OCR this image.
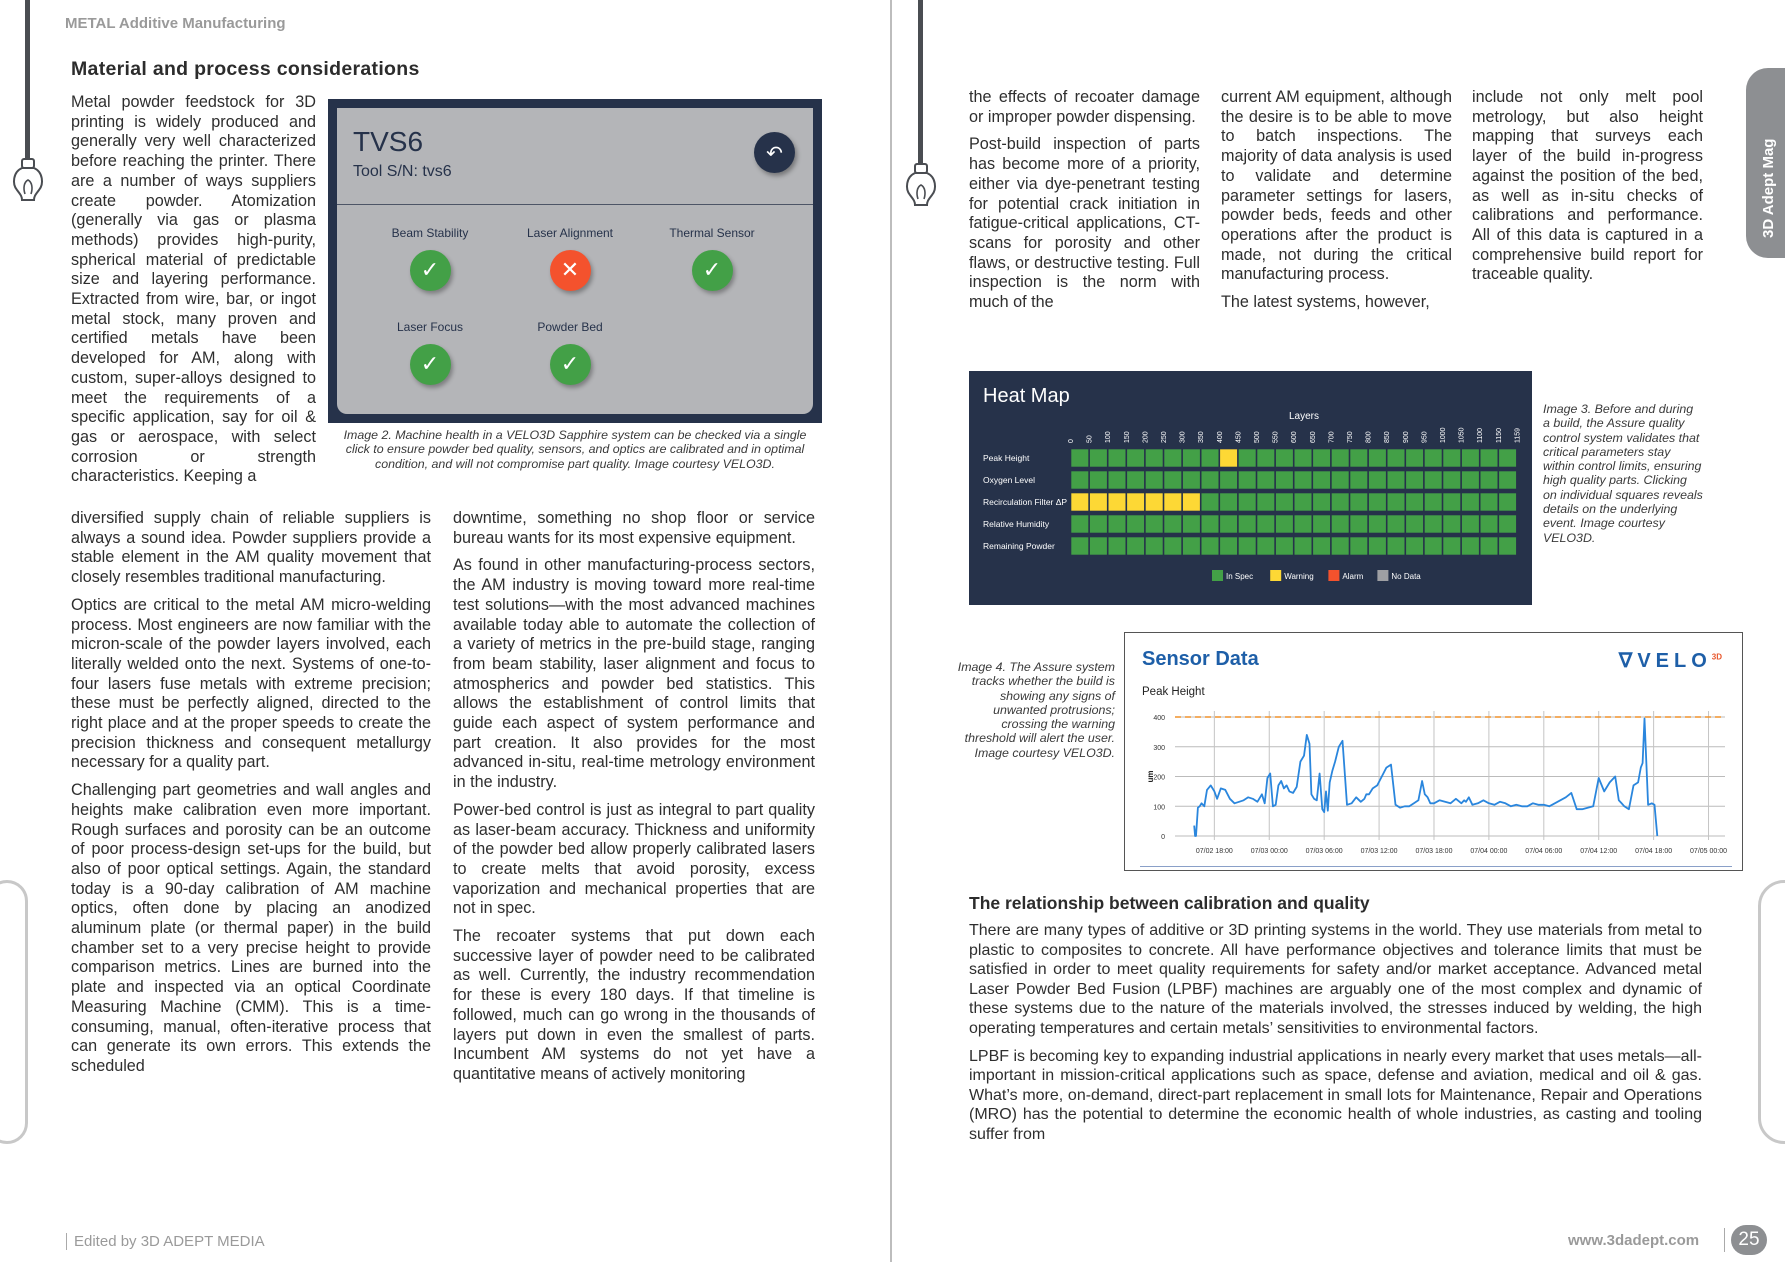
3D Adept Mag
METAL Additive Manufacturing
Material and process considerations

Metal powder feedstock for 3D printing is widely produced and generally very well characterized before reaching the printer. There are a number of ways suppliers create powder. Atomization (generally via gas or plasma methods) provides high-purity, spherical material of predictable size and layering performance. Extracted from wire, bar, or ingot metal stock, many proven and certified metals have been developed for AM, along with custom, super-alloys designed to meet the requirements of a specific application, say for oil & gas or aerospace, with select corrosion or strength characteristics. Keeping a

TVS6
Tool S/N: tvs6
↶
Beam Stability
✓
Laser Alignment
✕
Thermal Sensor
✓
Laser Focus
✓
Powder Bed
✓
Image 2. Machine health in a VELO3D Sapphire system can be checked via a single click to ensure powder bed quality, sensors, and optics are calibrated and in optimal condition, and will not compromise part quality. Image courtesy VELO3D.

diversified supply chain of reliable suppliers is always a sound idea. Powder suppliers provide a stable element in the AM quality movement that closely resembles traditional manufacturing.

Optics are critical to the metal AM micro-welding process. Most engineers are now familiar with the micron-scale of the powder layers involved, each literally welded onto the next. Systems of one-to-four lasers fuse metals with extreme precision; these must be perfectly aligned, directed to the right place and at the proper speeds to create the precision thickness and consequent metallurgy necessary for a quality part.

Challenging part geometries and wall angles and heights make calibration even more important. Rough surfaces and porosity can be an outcome of poor process-design set-ups for the build, but also of poor optical settings. Again, the standard today is a 90-day calibration of AM machine optics, often done by placing an anodized aluminum plate (or thermal paper) in the build chamber set to a very precise height to provide comparison metrics. Lines are burned into the plate and inspected via an optical Coordinate Measuring Machine (CMM). This is a time-consuming, manual, often-iterative process that can generate its own errors. This extends the scheduled

downtime, something no shop floor or service bureau wants for its most expensive equipment.

As found in other manufacturing-process sectors, the AM industry is moving toward more real-time test solutions—with the most advanced machines available today able to automate the collection of a variety of metrics in the pre-build stage, ranging from beam stability, laser alignment and focus to atmospherics and powder bed statistics. This allows the establishment of control limits that guide each aspect of system performance and part creation. It also provides for the most advanced in-situ, real-time metrology environment in the industry.

Power-bed control is just as integral to part quality as laser-beam accuracy. Thickness and uniformity of the powder bed allow properly calibrated lasers to create melts that avoid porosity, excess vaporization and mechanical properties that are not in spec.

The recoater systems that put down each successive layer of powder need to be calibrated as well. Currently, the industry recommendation for these is every 180 days. If that timeline is followed, much can go wrong in the thousands of layers put down in even the smallest of parts. Incumbent AM systems do not yet have a quantitative means of actively monitoring

the effects of recoater damage or improper powder dispensing.

Post-build inspection of parts has become more of a priority, either via dye-penetrant testing for potential crack initiation in fatigue-critical applications, CT-scans for porosity and other flaws, or destructive testing. Full inspection is the norm with much of the

current AM equipment, although the desire is to be able to move to batch inspections. The majority of data analysis is used to validate and determine parameter settings for lasers, powder beds, feeds and other operations after the product is made, not during the critical manufacturing process.

The latest systems, however,

include not only melt pool metrology, but also height mapping that surveys each layer of the build in-progress against the position of the bed, as well as in-situ checks of calibrations and performance. All of this data is captured in a comprehensive build report for traceable quality.

Heat Map
Layers
0 50 100 150 200 250 300 350 400 450 500 550 600 650 700 750 800 850 900 950 1000 1050 1100 1150 1159
Peak Height
Oxygen Level
Recirculation Filter ΔP
Relative Humidity
Remaining Powder
In Spec	Warning	Alarm	No Data
Image 3. Before and during a build, the Assure quality control system validates that critical parameters stay within control limits, ensuring high quality parts. Clicking on individual squares reveals details on the underlying event. Image courtesy VELO3D.
Image 4. The Assure system tracks whether the build is showing any signs of unwanted protrusions; crossing the warning threshold will alert the user. Image courtesy VELO3D.
Sensor Data	$\nabla VELO^{3D}$
Peak Height
0
100
200
300
400
07/02 18:00	07/03 00:00	07/03 06:00	07/03 12:00	07/03 18:00	07/04 00:00	07/04 06:00	07/04 12:00	07/04 18:00	07/05 00:00
um
The relationship between calibration and quality

There are many types of additive or 3D printing systems in the world. They use materials from metal to plastic to composites to concrete. All have performance objectives and tolerance limits that must be satisfied in order to meet quality requirements for safety and/or market acceptance. Advanced metal Laser Powder Bed Fusion (LPBF) machines are arguably one of the most complex and dynamic of these systems due to the nature of the materials involved, the stresses induced by welding, the high operating temperatures and certain metals’ sensitivities to environmental factors.

LPBF is becoming key to expanding industrial applications in nearly every market that uses metals—all-important in mission-critical applications such as space, defense and aviation, medical and oil & gas. What’s more, on-demand, direct-part replacement in small lots for Maintenance, Repair and Operations (MRO) has the potential to determine the economic health of whole industries, as casting and tooling suffer from

Edited by 3D ADEPT MEDIA	www.3dadept.com	25
